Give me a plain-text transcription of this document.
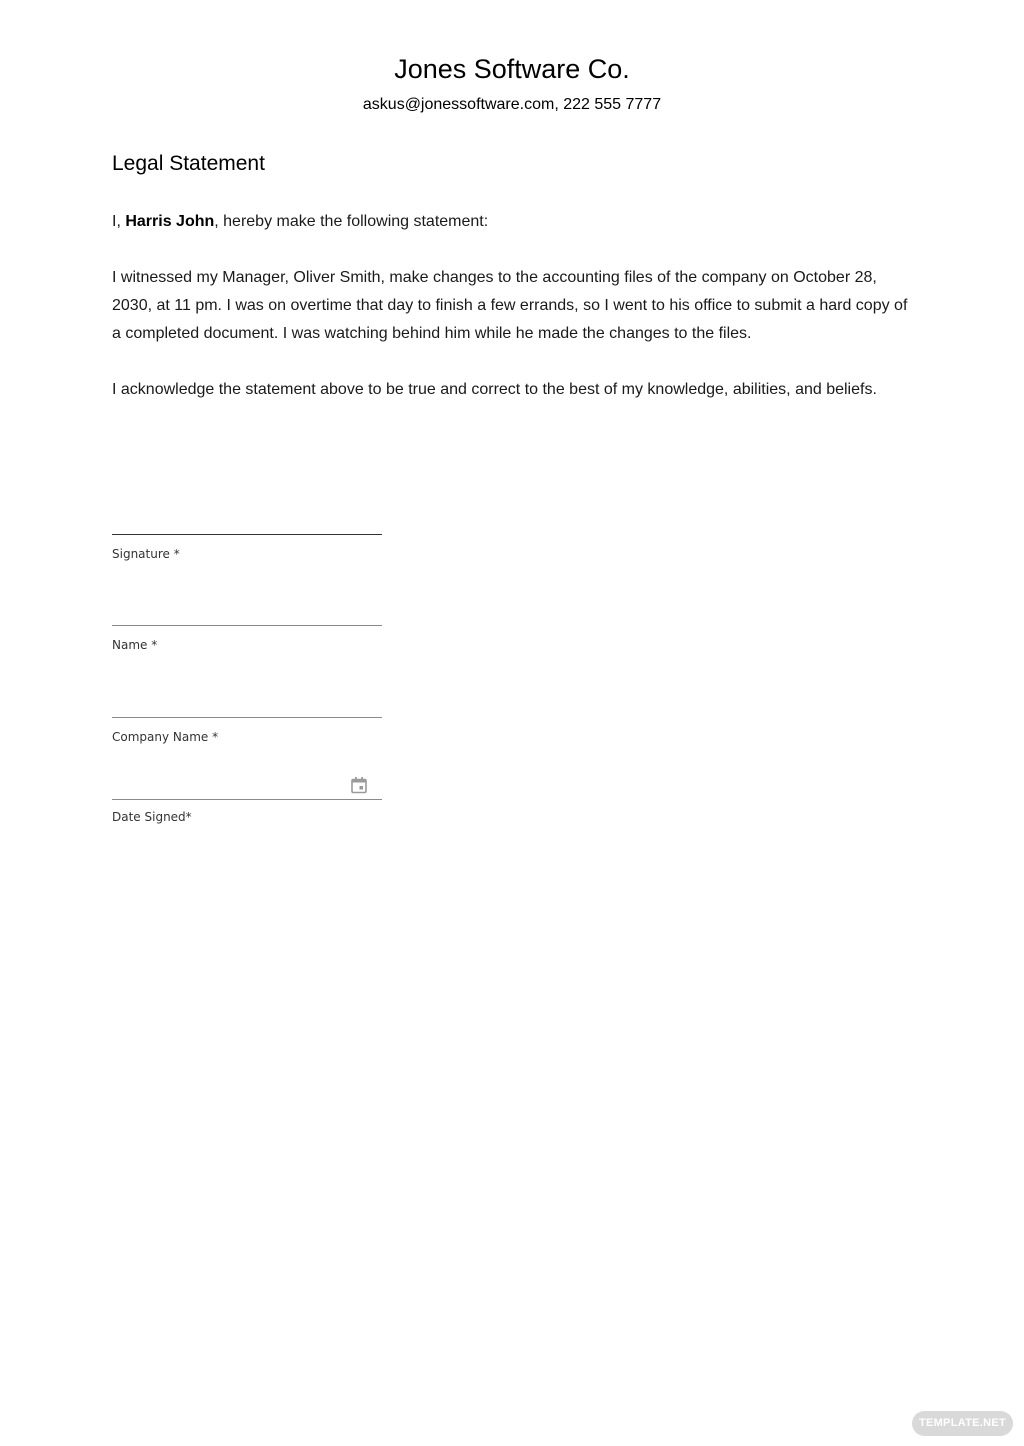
Jones Software Co.
askus@jonessoftware.com, 222 555 7777
Legal Statement
I, Harris John, hereby make the following statement:
I witnessed my Manager, Oliver Smith, make changes to the accounting files of the company on October 28, 2030, at 11 pm. I was on overtime that day to finish a few errands, so I went to his office to submit a hard copy of a completed document. I was watching behind him while he made the changes to the files.
I acknowledge the statement above to be true and correct to the best of my knowledge, abilities, and beliefs.
Signature *
Name *
Company Name *
Date Signed*
TEMPLATE.NET
